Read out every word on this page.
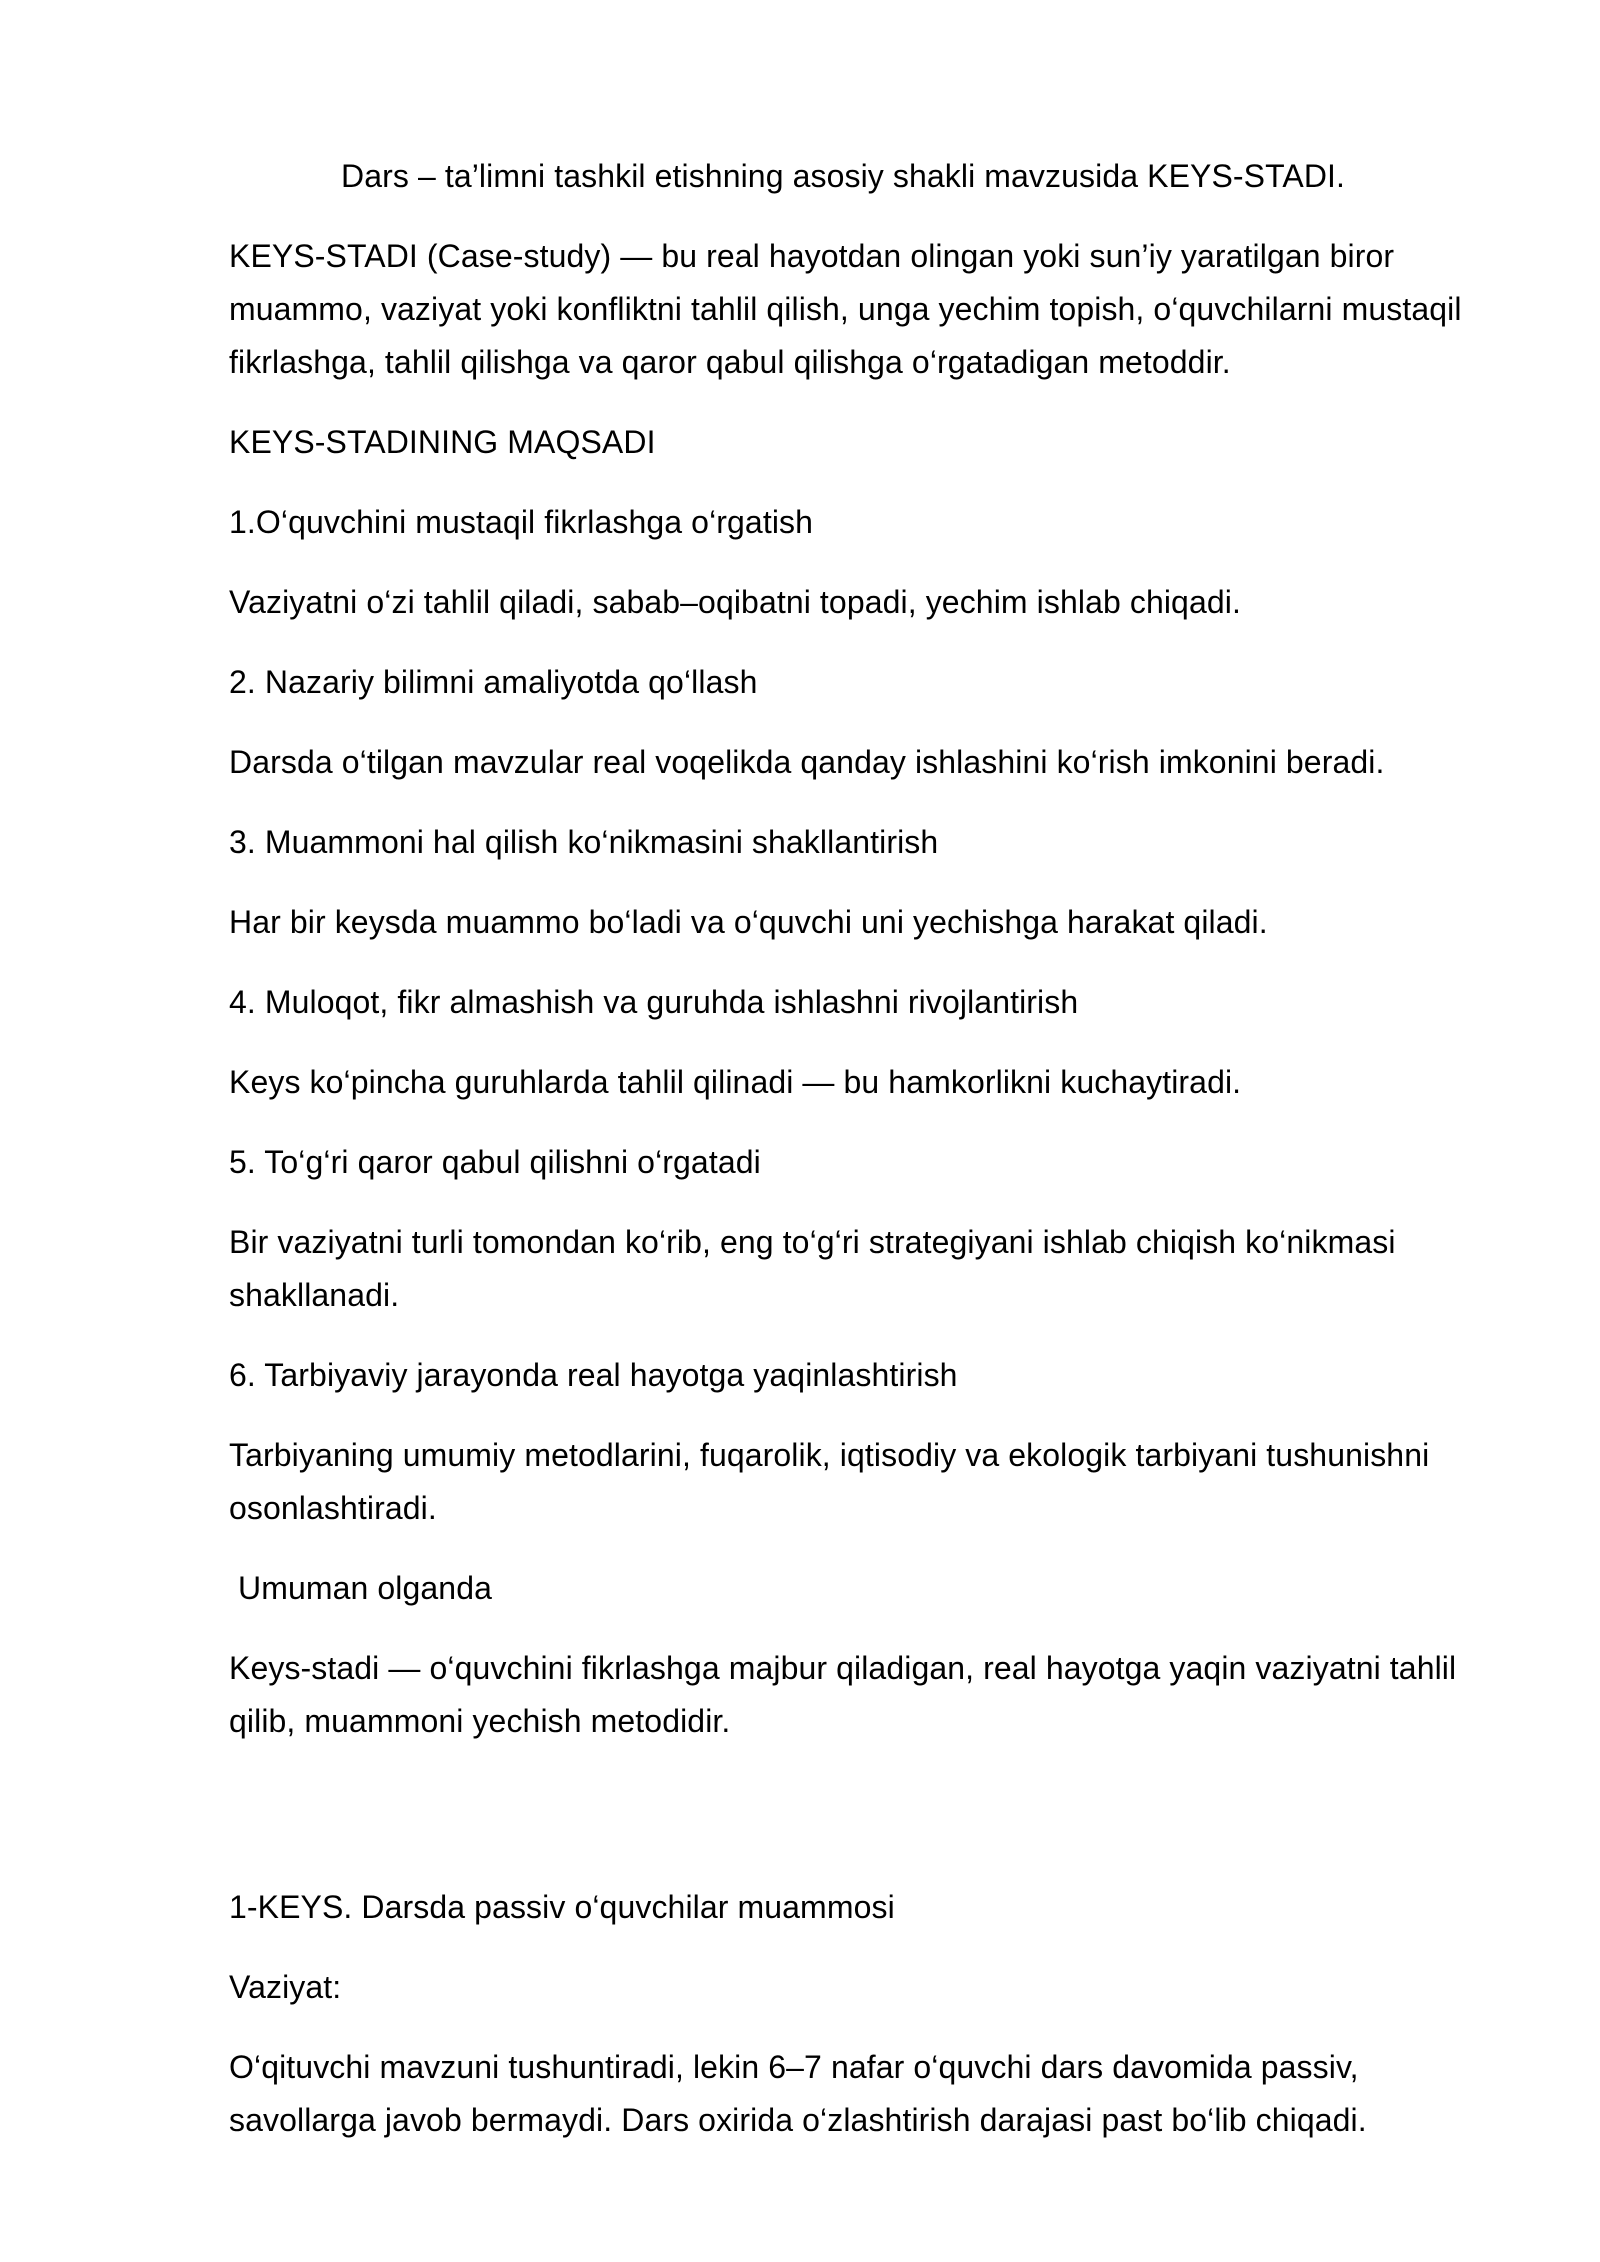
Dars – ta’limni tashkil etishning asosiy shakli mavzusida KEYS-STADI.

KEYS-STADI (Case-study) — bu real hayotdan olingan yoki sun’iy yaratilgan biror muammo, vaziyat yoki konfliktni tahlil qilish, unga yechim topish, o‘quvchilarni mustaqil fikrlashga, tahlil qilishga va qaror qabul qilishga o‘rgatadigan metoddir.

KEYS-STADINING MAQSADI

1.O‘quvchini mustaqil fikrlashga o‘rgatish

Vaziyatni o‘zi tahlil qiladi, sabab–oqibatni topadi, yechim ishlab chiqadi.

2. Nazariy bilimni amaliyotda qo‘llash

Darsda o‘tilgan mavzular real voqelikda qanday ishlashini ko‘rish imkonini beradi.

3. Muammoni hal qilish ko‘nikmasini shakllantirish

Har bir keysda muammo bo‘ladi va o‘quvchi uni yechishga harakat qiladi.

4. Muloqot, fikr almashish va guruhda ishlashni rivojlantirish

Keys ko‘pincha guruhlarda tahlil qilinadi — bu hamkorlikni kuchaytiradi.

5. To‘g‘ri qaror qabul qilishni o‘rgatadi

Bir vaziyatni turli tomondan ko‘rib, eng to‘g‘ri strategiyani ishlab chiqish ko‘nikmasi shakllanadi.

6. Tarbiyaviy jarayonda real hayotga yaqinlashtirish

Tarbiyaning umumiy metodlarini, fuqarolik, iqtisodiy va ekologik tarbiyani tushunishni osonlashtiradi.

Umuman olganda

Keys-stadi — o‘quvchini fikrlashga majbur qiladigan, real hayotga yaqin vaziyatni tahlil qilib, muammoni yechish metodidir.

1-KEYS. Darsda passiv o‘quvchilar muammosi

Vaziyat:

O‘qituvchi mavzuni tushuntiradi, lekin 6–7 nafar o‘quvchi dars davomida passiv, savollarga javob bermaydi. Dars oxirida o‘zlashtirish darajasi past bo‘lib chiqadi.
